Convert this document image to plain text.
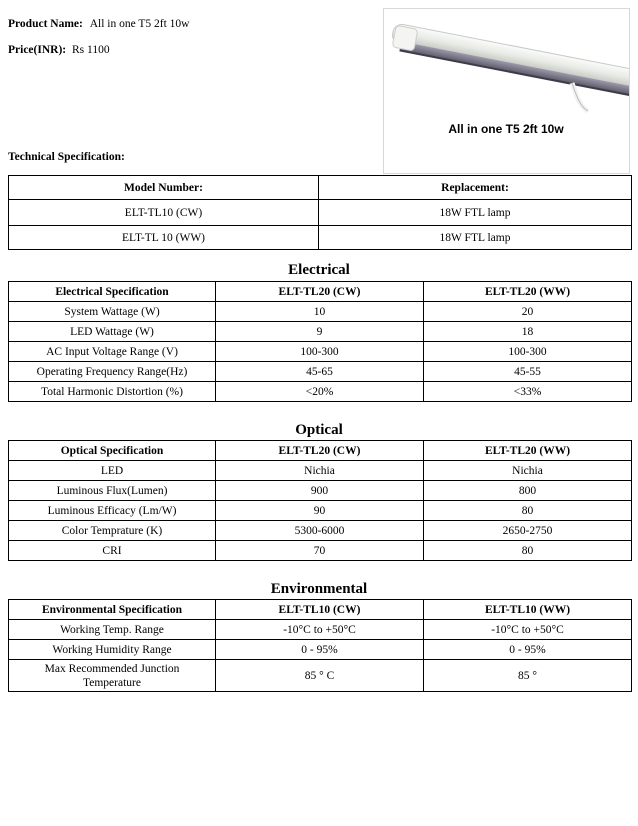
Product Name: All in one T5 2ft 10w
Price(INR): Rs 1100
All in one T5 2ft 10w
Technical Specification:
Model Number:	Replacement:
ELT-TL10 (CW)	18W FTL lamp
ELT-TL 10 (WW)	18W FTL lamp
Electrical
Electrical Specification	ELT-TL20 (CW)	ELT-TL20 (WW)
System Wattage (W)	10	20
LED Wattage (W)	9	18
AC Input Voltage Range (V)	100-300	100-300
Operating Frequency Range(Hz)	45-65	45-55
Total Harmonic Distortion (%)	<20%	<33%
Optical
Optical Specification	ELT-TL20 (CW)	ELT-TL20 (WW)
LED	Nichia	Nichia
Luminous Flux(Lumen)	900	800
Luminous Efficacy (Lm/W)	90	80
Color Temprature (K)	5300-6000	2650-2750
CRI	70	80
Environmental
Environmental Specification	ELT-TL10 (CW)	ELT-TL10 (WW)
Working Temp. Range	-10°C to +50°C	-10°C to +50°C
Working Humidity Range	0 - 95%	0 - 95%
Max Recommended Junction Temperature	85 ° C	85 °
